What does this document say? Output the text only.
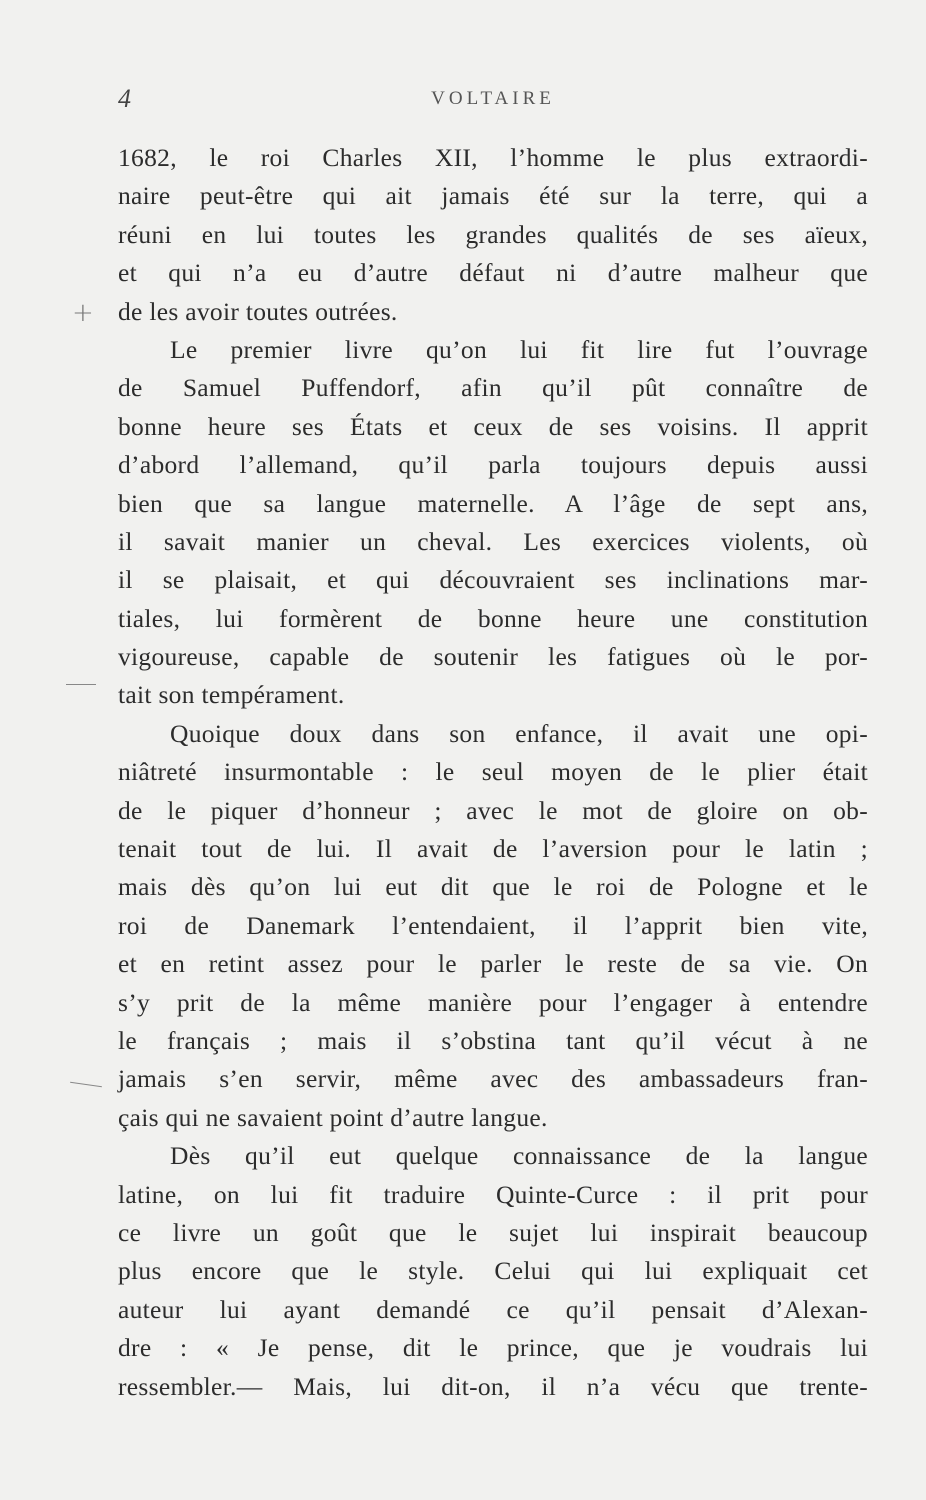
4	VOLTAIRE
+
1682, le roi Charles XII, l’homme le plus extraordi-
naire peut-être qui ait jamais été sur la terre, qui a
réuni en lui toutes les grandes qualités de ses aïeux,
et qui n’a eu d’autre défaut ni d’autre malheur que
de les avoir toutes outrées.
Le premier livre qu’on lui fit lire fut l’ouvrage
de Samuel Puffendorf, afin qu’il pût connaître de
bonne heure ses États et ceux de ses voisins. Il apprit
d’abord l’allemand, qu’il parla toujours depuis aussi
bien que sa langue maternelle. A l’âge de sept ans,
il savait manier un cheval. Les exercices violents, où
il se plaisait, et qui découvraient ses inclinations mar-
tiales, lui formèrent de bonne heure une constitution
vigoureuse, capable de soutenir les fatigues où le por-
tait son tempérament.
Quoique doux dans son enfance, il avait une opi-
niâtreté insurmontable : le seul moyen de le plier était
de le piquer d’honneur ; avec le mot de gloire on ob-
tenait tout de lui. Il avait de l’aversion pour le latin ;
mais dès qu’on lui eut dit que le roi de Pologne et le
roi de Danemark l’entendaient, il l’apprit bien vite,
et en retint assez pour le parler le reste de sa vie. On
s’y prit de la même manière pour l’engager à entendre
le français ; mais il s’obstina tant qu’il vécut à ne
jamais s’en servir, même avec des ambassadeurs fran-
çais qui ne savaient point d’autre langue.
Dès qu’il eut quelque connaissance de la langue
latine, on lui fit traduire Quinte-Curce : il prit pour
ce livre un goût que le sujet lui inspirait beaucoup
plus encore que le style. Celui qui lui expliquait cet
auteur lui ayant demandé ce qu’il pensait d’Alexan-
dre : « Je pense, dit le prince, que je voudrais lui
ressembler.— Mais, lui dit-on, il n’a vécu que trente-
